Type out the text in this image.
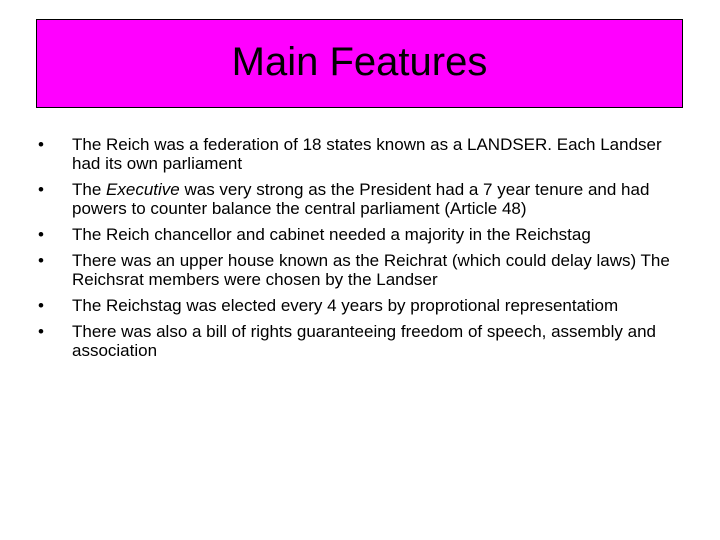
Main Features
•	The Reich was a federation of 18 states known as a LANDSER. Each Landser had its own parliament
•	The Executive was very strong as the President had a 7 year tenure and had powers to counter balance the central parliament (Article 48)
•	The Reich chancellor and cabinet needed a majority in the Reichstag
•	There was an upper house known as the Reichrat (which could delay laws) The Reichsrat members were chosen by the Landser
•	The Reichstag was elected every 4 years by proprotional representatiom
•	There was also a bill of rights guaranteeing freedom of speech, assembly and association
